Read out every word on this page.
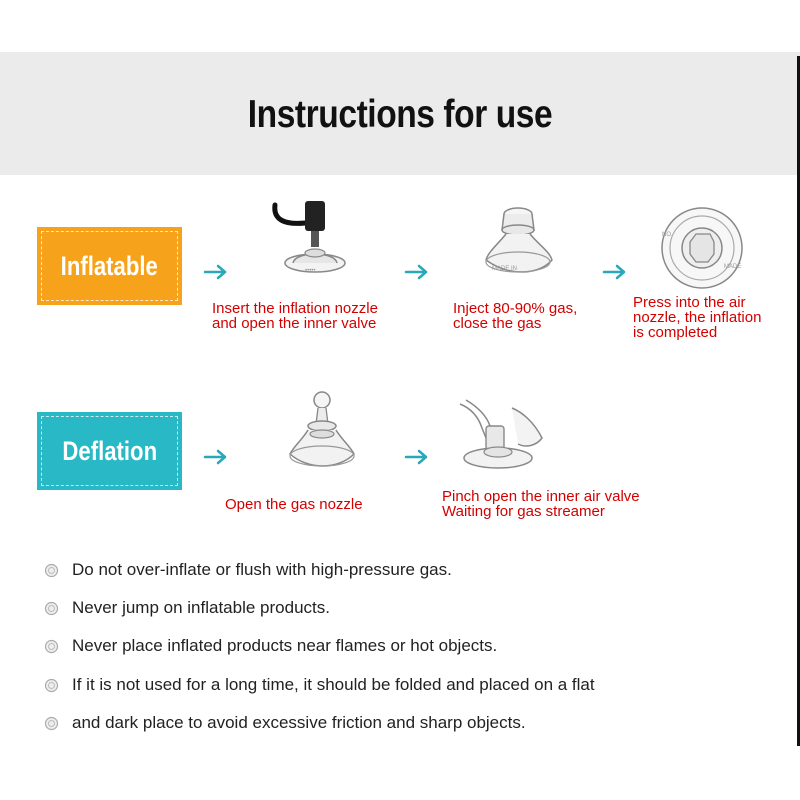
Instructions for use
Inflatable	•••••	MADE IN
NO.
MADE
Insert the inflation nozzle
and open the inner valve
Inject 80-90% gas,
close the gas
Press into the air
nozzle, the inflation
is completed
Deflation
Open the gas nozzle	Pinch open the inner air valve
Waiting for gas streamer
Do not over-inflate or flush with high-pressure gas.
Never jump on inflatable products.
Never place inflated products near flames or hot objects.
If it is not used for a long time, it should be folded and placed on a flat
and dark place to avoid excessive friction and sharp objects.
